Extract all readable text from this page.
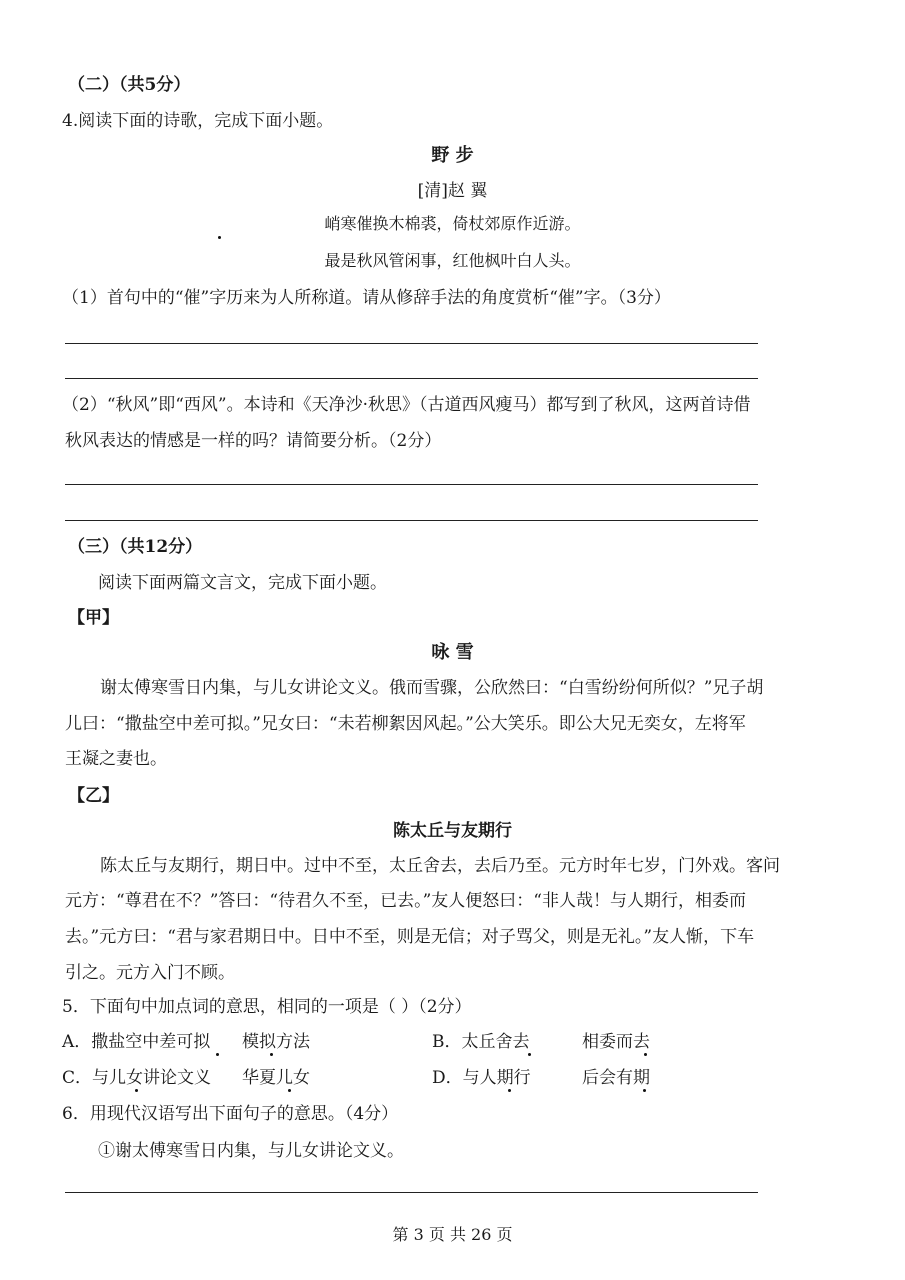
（二）（共5分）
4.阅读下面的诗歌，完成下面小题。
野 步
[清]赵 翼
峭寒催换木棉裘，倚杖郊原作近游。
最是秋风管闲事，红他枫叶白人头。
（1）首句中的“催”字历来为人所称道。请从修辞手法的角度赏析“催”字。（3分）
（2）“秋风”即“西风”。本诗和《天净沙·秋思》（古道西风瘦马）都写到了秋风，这两首诗借
秋风表达的情感是一样的吗？请简要分析。（2分）
（三）（共12分）
阅读下面两篇文言文，完成下面小题。
【甲】
咏 雪
谢太傅寒雪日内集，与儿女讲论文义。俄而雪骤，公欣然曰：“白雪纷纷何所似？”兄子胡
儿曰：“撒盐空中差可拟。”兄女曰：“未若柳絮因风起。”公大笑乐。即公大兄无奕女，左将军
王凝之妻也。
【乙】
陈太丘与友期行
陈太丘与友期行，期日中。过中不至，太丘舍去，去后乃至。元方时年七岁，门外戏。客问
元方：“尊君在不？”答曰：“待君久不至，已去。”友人便怒曰：“非人哉！与人期行，相委而
去。”元方曰：“君与家君期日中。日中不至，则是无信；对子骂父，则是无礼。”友人惭，下车
引之。元方入门不顾。
5．下面句中加点词的意思，相同的一项是（ ）（2分）
A．撒盐空中差可拟 模拟方法	B．太丘舍去	相委而去
C．与儿女讲论文义 华夏儿女	D．与人期行	后会有期
6．用现代汉语写出下面句子的意思。（4分）
①谢太傅寒雪日内集，与儿女讲论文义。
第 3 页 共 26 页
